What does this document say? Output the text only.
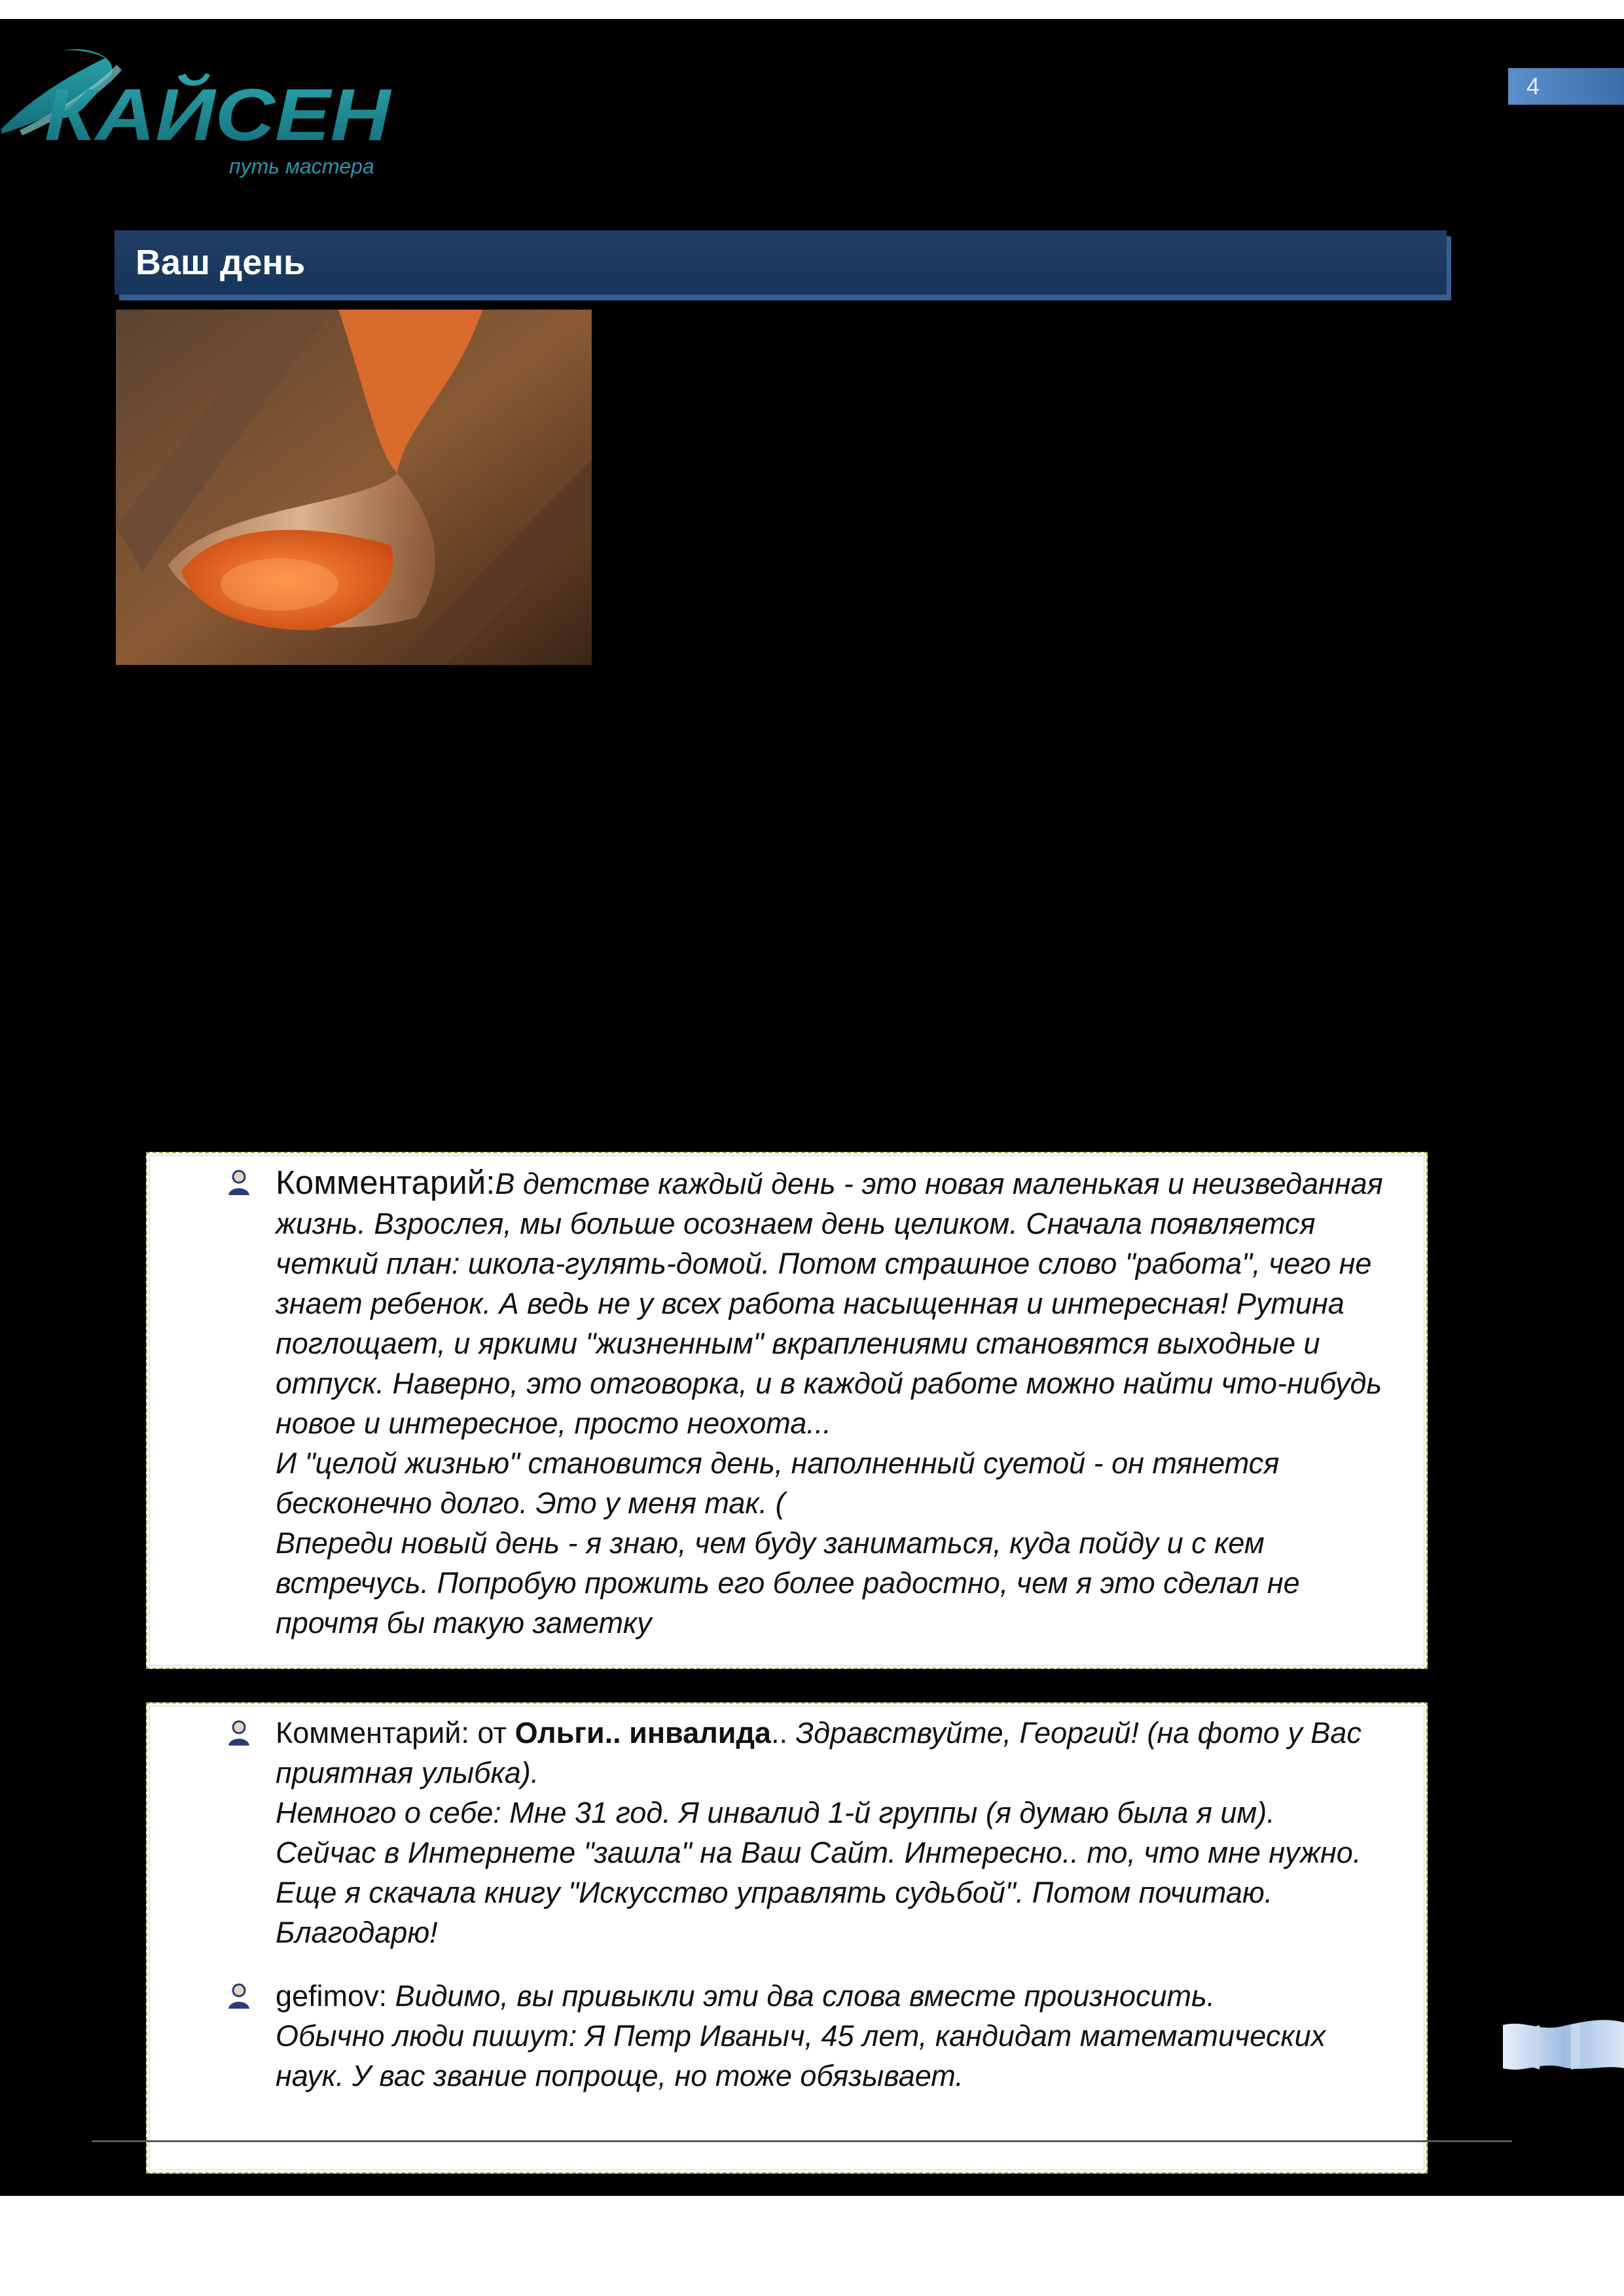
КАЙСЕН
путь мастера
4
Ваш день

Комментарий:В детстве каждый день - это новая маленькая и неизведанная
жизнь. Взрослея, мы больше осознаем день целиком. Сначала появляется
четкий план: школа-гулять-домой. Потом страшное слово "работа", чего не
знает ребенок. А ведь не у всех работа насыщенная и интересная! Рутина
поглощает, и яркими "жизненным" вкраплениями становятся выходные и
отпуск. Наверно, это отговорка, и в каждой работе можно найти что-нибудь
новое и интересное, просто неохота...
И "целой жизнью" становится день, наполненный суетой - он тянется
бесконечно долго. Это у меня так. (
Впереди новый день - я знаю, чем буду заниматься, куда пойду и с кем
встречусь. Попробую прожить его более радостно, чем я это сделал не
прочтя бы такую заметку

Комментарий: от Ольги.. инвалида.. Здравствуйте, Георгий! (на фото у Вас
приятная улыбка).
Немного о себе: Мне 31 год. Я инвалид 1-й группы (я думаю была я им).
Сейчас в Интернете "зашла" на Ваш Сайт. Интересно.. то, что мне нужно.
Еще я скачала книгу "Искусство управлять судьбой". Потом почитаю.
Благодарю!

gefimov: Видимо, вы привыкли эти два слова вместе произносить.
Обычно люди пишут: Я Петр Иваныч, 45 лет, кандидат математических
наук. У вас звание попроще, но тоже обязывает.
